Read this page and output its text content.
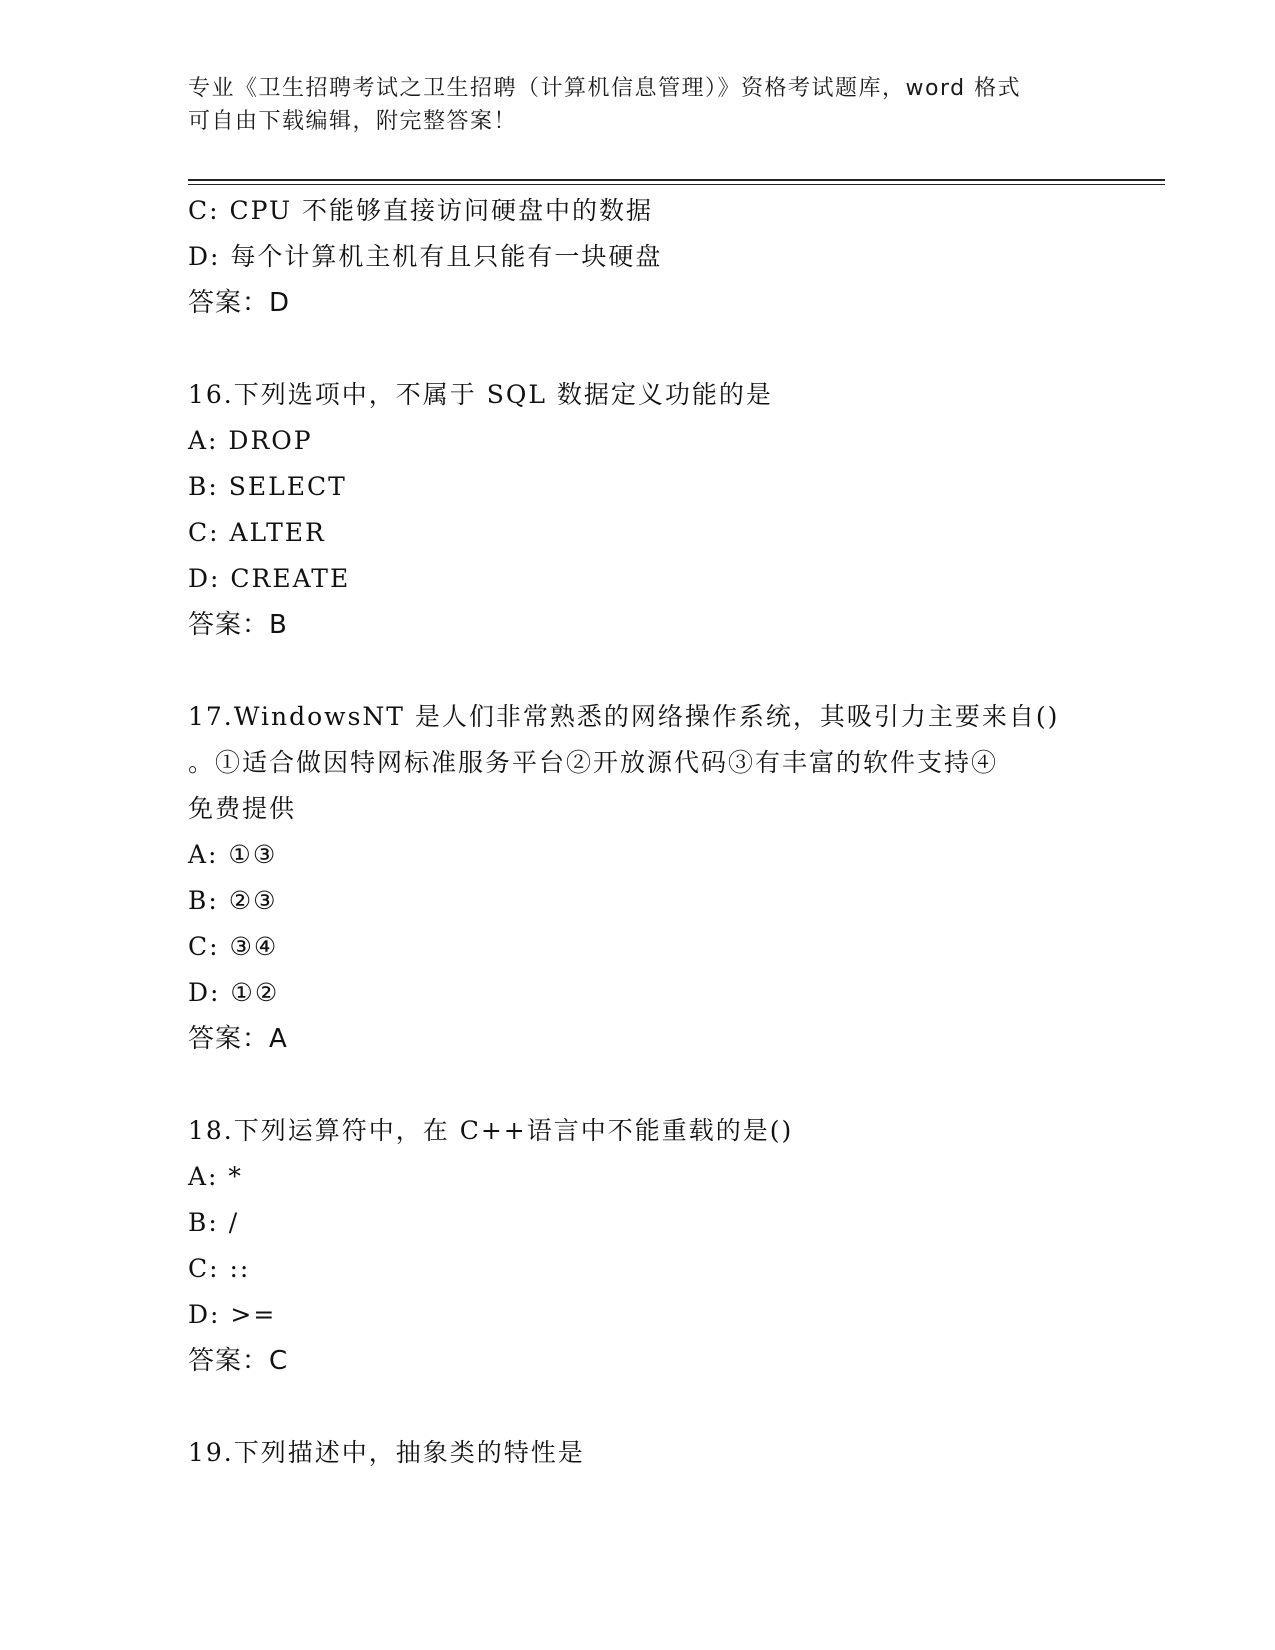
专业《卫生招聘考试之卫生招聘（计算机信息管理）》资格考试题库，word 格式
可自由下载编辑，附完整答案！
C: CPU 不能够直接访问硬盘中的数据
D: 每个计算机主机有且只能有一块硬盘
答案：D
16.下列选项中，不属于 SQL 数据定义功能的是
A: DROP
B: SELECT
C: ALTER
D: CREATE
答案：B
17.WindowsNT 是人们非常熟悉的网络操作系统，其吸引力主要来自()
。①适合做因特网标准服务平台②开放源代码③有丰富的软件支持④
免费提供
A: ①③
B: ②③
C: ③④
D: ①②
答案：A
18.下列运算符中，在 C++语言中不能重载的是()
A: *
B: /
C: ::
D: >=
答案：C
19.下列描述中，抽象类的特性是
